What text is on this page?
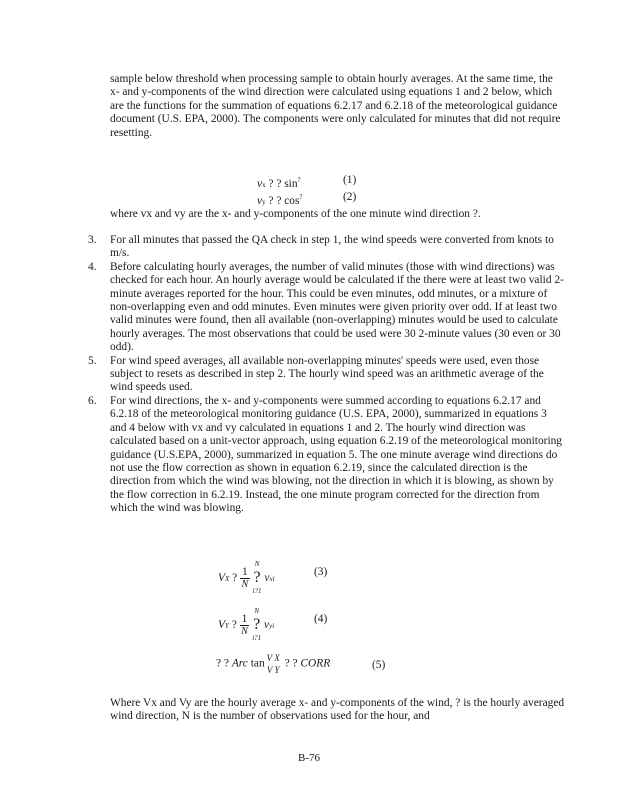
sample below threshold when processing sample to obtain hourly averages. At the same time, the x- and y-components of the wind direction were calculated using equations 1 and 2 below, which are the functions for the summation of equations 6.2.17 and 6.2.18 of the meteorological guidance document (U.S. EPA, 2000). The components were only calculated for minutes that did not require resetting.

vx ? ? sin?	(1)
vy ? ? cos?	(2)

where vx and vy are the x- and y-components of the one minute wind direction ?.

3. For all minutes that passed the QA check in step 1, the wind speeds were converted from knots to m/s.
4. Before calculating hourly averages, the number of valid minutes (those with wind directions) was checked for each hour. An hourly average would be calculated if the there were at least two valid 2-minute averages reported for the hour. This could be even minutes, odd minutes, or a mixture of non-overlapping even and odd minutes. Even minutes were given priority over odd. If at least two valid minutes were found, then all available (non-overlapping) minutes would be used to calculate hourly averages. The most observations that could be used were 30 2-minute values (30 even or 30 odd).
5. For wind speed averages, all available non-overlapping minutes' speeds were used, even those subject to resets as described in step 2. The hourly wind speed was an arithmetic average of the wind speeds used.
6. For wind directions, the x- and y-components were summed according to equations 6.2.17 and 6.2.18 of the meteorological monitoring guidance (U.S. EPA, 2000), summarized in equations 3 and 4 below with vx and vy calculated in equations 1 and 2. The hourly wind direction was calculated based on a unit-vector approach, using equation 6.2.19 of the meteorological monitoring guidance (U.S.EPA, 2000), summarized in equation 5. The one minute average wind directions do not use the flow correction as shown in equation 6.2.19, since the calculated direction is the direction from which the wind was blowing, not the direction in which it is blowing, as shown by the flow correction in 6.2.19. Instead, the one minute program corrected for the direction from which the wind was blowing.
VX ? $\frac{1}{N}$

N
?
i?1
vxi
(3)
VY ? $\frac{1}{N}$

N
?
i?1
vyi
(4)
? ? Arc tan V X
V Y
? ? CORR	(5)

Where Vx and Vy are the hourly average x- and y-components of the wind, ? is the hourly averaged wind direction, N is the number of observations used for the hour, and

B-76
